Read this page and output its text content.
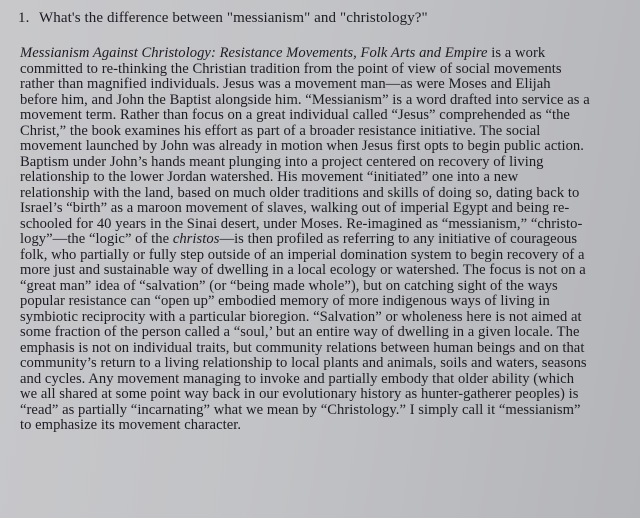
1. What's the difference between "messianism" and "christology?"
Messianism Against Christology: Resistance Movements, Folk Arts and Empire is a work
committed to re-thinking the Christian tradition from the point of view of social movements
rather than magnified individuals. Jesus was a movement man—as were Moses and Elijah
before him, and John the Baptist alongside him. “Messianism” is a word drafted into service as a
movement term. Rather than focus on a great individual called “Jesus” comprehended as “the
Christ,” the book examines his effort as part of a broader resistance initiative. The social
movement launched by John was already in motion when Jesus first opts to begin public action.
Baptism under John’s hands meant plunging into a project centered on recovery of living
relationship to the lower Jordan watershed. His movement “initiated” one into a new
relationship with the land, based on much older traditions and skills of doing so, dating back to
Israel’s “birth” as a maroon movement of slaves, walking out of imperial Egypt and being re-
schooled for 40 years in the Sinai desert, under Moses. Re-imagined as “messianism,” “christo-
logy”—the “logic” of the christos—is then profiled as referring to any initiative of courageous
folk, who partially or fully step outside of an imperial domination system to begin recovery of a
more just and sustainable way of dwelling in a local ecology or watershed. The focus is not on a
“great man” idea of “salvation” (or “being made whole”), but on catching sight of the ways
popular resistance can “open up” embodied memory of more indigenous ways of living in
symbiotic reciprocity with a particular bioregion. “Salvation” or wholeness here is not aimed at
some fraction of the person called a “soul,’ but an entire way of dwelling in a given locale. The
emphasis is not on individual traits, but community relations between human beings and on that
community’s return to a living relationship to local plants and animals, soils and waters, seasons
and cycles. Any movement managing to invoke and partially embody that older ability (which
we all shared at some point way back in our evolutionary history as hunter-gatherer peoples) is
“read” as partially “incarnating” what we mean by “Christology.” I simply call it “messianism”
to emphasize its movement character.
